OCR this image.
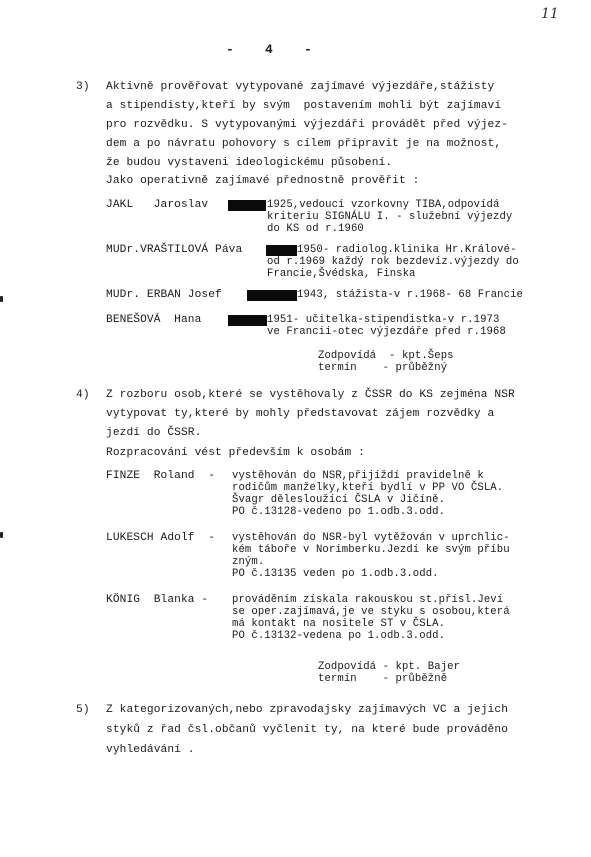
11
-    4    -
3) Aktivně prověřovat vytypované zajímavé výjezdáře,stážisty
a stipendisty,kteří by svým  postavením mohli být zajímaví
pro rozvědku. S vytypovanými výjezdáři provádět před výjez-
dem a po návratu pohovory s cílem připravit je na možnost,
že budou vystaveni ideologickému působení.
Jako operativně zajímavé přednostně prověřit :
JAKL   Jaroslav	1925,vedoucí vzorkovny TIBA,odpovídá
kriteriu SIGNÁLU I. - služební výjezdy
do KS od r.1960
MUDr.VRAŠTILOVÁ Páva	1950- radiolog.klinika Hr.Králové-
od r.1969 každý rok bezdevíz.výjezdy do
Francie,Švédska, Finska
MUDr. ERBAN Josef	1943, stážista-v r.1968- 68 Francie
BENEŠOVÁ  Hana	1951- učitelka-stipendistka-v r.1973
ve Francii-otec výjezdáře před r.1968
Zodpovídá  - kpt.Šeps
termín    - průběžný
4) Z rozboru osob,které se vystěhovaly z ČSSR do KS zejména NSR
vytypovat ty,které by mohly představovat zájem rozvědky a
jezdí do ČSSR.
Rozpracování vést především k osobám :
FINZE  Roland  - vystěhován do NSR,přijíždí pravidelně k
rodičům manželky,kteří bydlí v PP VO ČSLA.
Švagr dělesloužící ČSLA v Jičíně.
PO č.13128-vedeno po 1.odb.3.odd.
LUKESCH Adolf  - vystěhován do NSR-byl vytěžován v uprchlic-
kém táboře v Norimberku.Jezdí ke svým příbu
zným.
PO č.13135 veden po 1.odb.3.odd.
KÖNIG  Blanka - prováděním získala rakouskou st.přísl.Jeví
se oper.zajímavá,je ve styku s osobou,která
má kontakt na nositele ST v ČSLA.
PO č.13132-vedena po 1.odb.3.odd.
Zodpovídá - kpt. Bajer
termín    - průběžně
5) Z kategorizovaných,nebo zpravodajsky zajímavých VC a jejich
styků z řad čsl.občanů vyčlenit ty, na které bude prováděno
vyhledávání .
